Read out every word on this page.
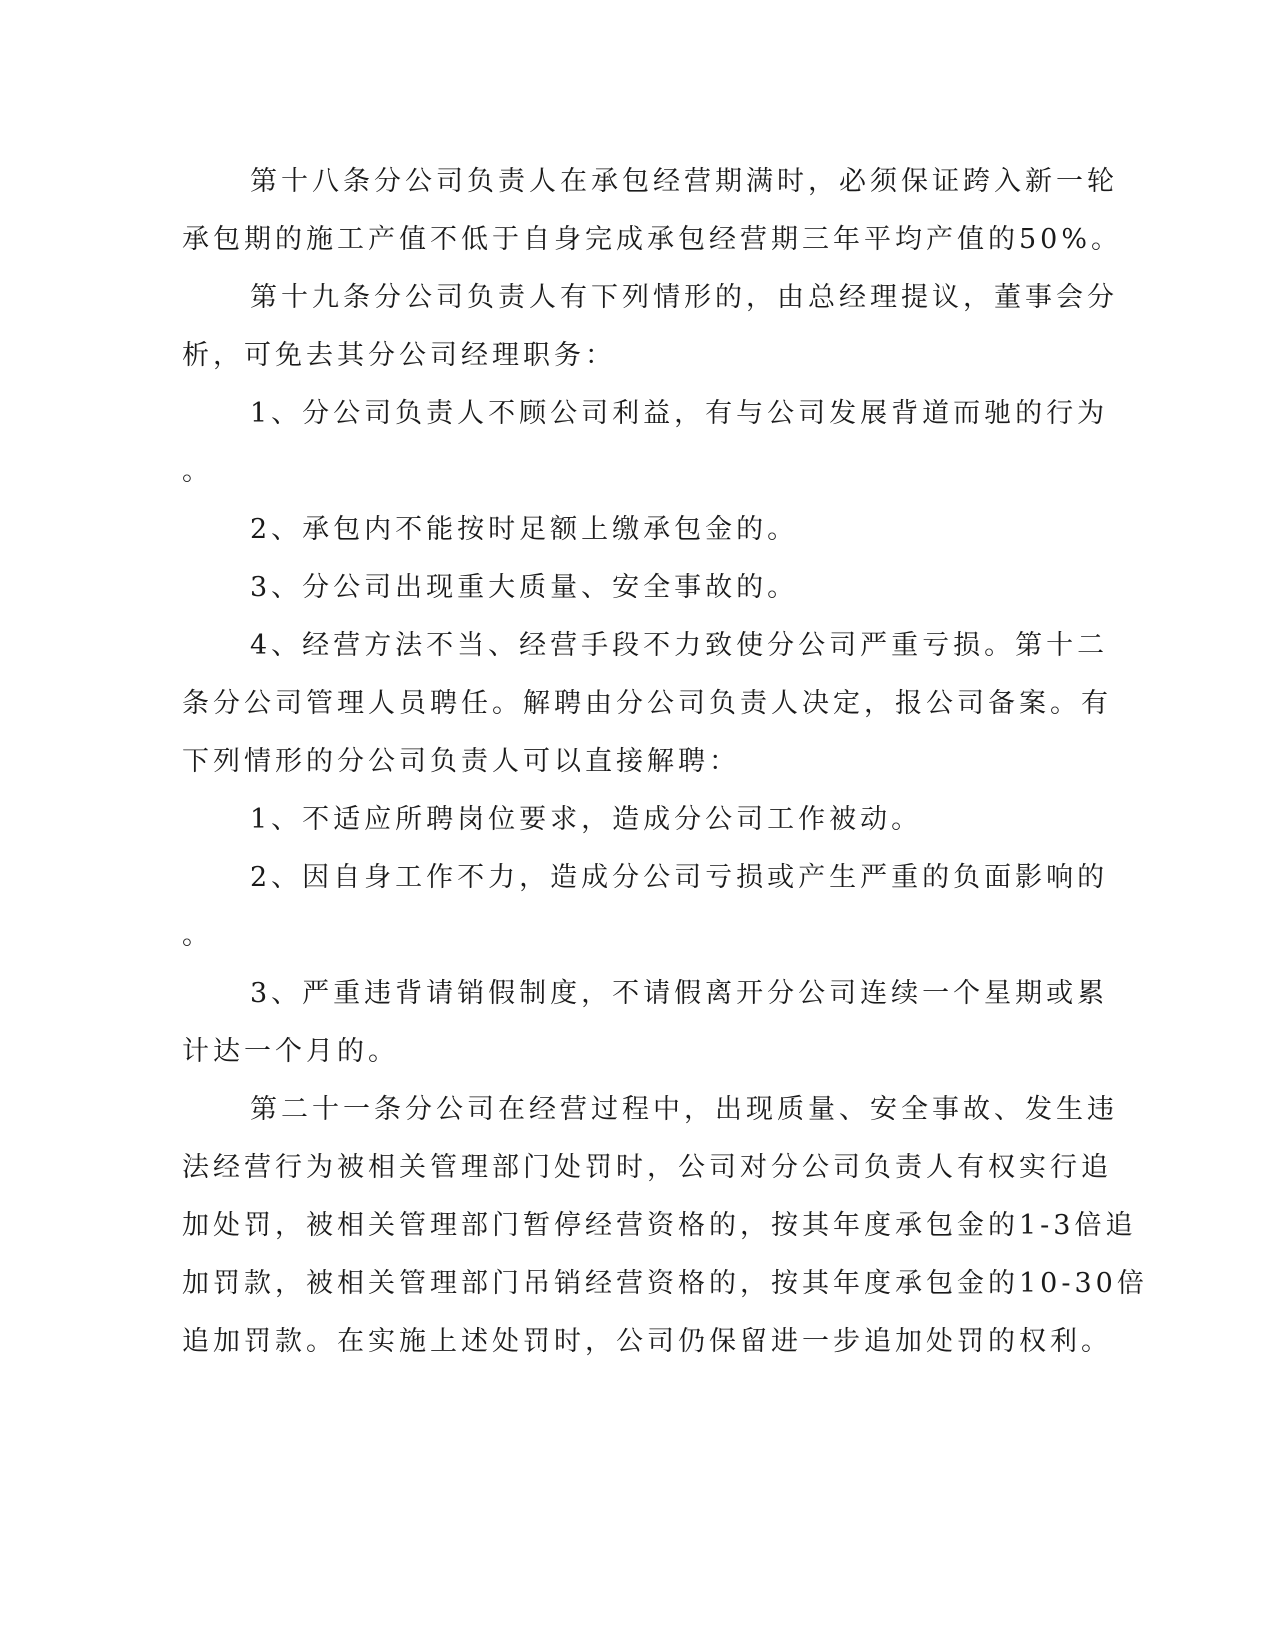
第十八条分公司负责人在承包经营期满时，必须保证跨入新一轮
承包期的施工产值不低于自身完成承包经营期三年平均产值的50%。
第十九条分公司负责人有下列情形的，由总经理提议，董事会分
析，可免去其分公司经理职务：
1、分公司负责人不顾公司利益，有与公司发展背道而驰的行为
。
2、承包内不能按时足额上缴承包金的。
3、分公司出现重大质量、安全事故的。
4、经营方法不当、经营手段不力致使分公司严重亏损。第十二
条分公司管理人员聘任。解聘由分公司负责人决定，报公司备案。有
下列情形的分公司负责人可以直接解聘：
1、不适应所聘岗位要求，造成分公司工作被动。
2、因自身工作不力，造成分公司亏损或产生严重的负面影响的
。
3、严重违背请销假制度，不请假离开分公司连续一个星期或累
计达一个月的。
第二十一条分公司在经营过程中，出现质量、安全事故、发生违
法经营行为被相关管理部门处罚时，公司对分公司负责人有权实行追
加处罚，被相关管理部门暂停经营资格的，按其年度承包金的1-3倍追
加罚款，被相关管理部门吊销经营资格的，按其年度承包金的10-30倍
追加罚款。在实施上述处罚时，公司仍保留进一步追加处罚的权利。
